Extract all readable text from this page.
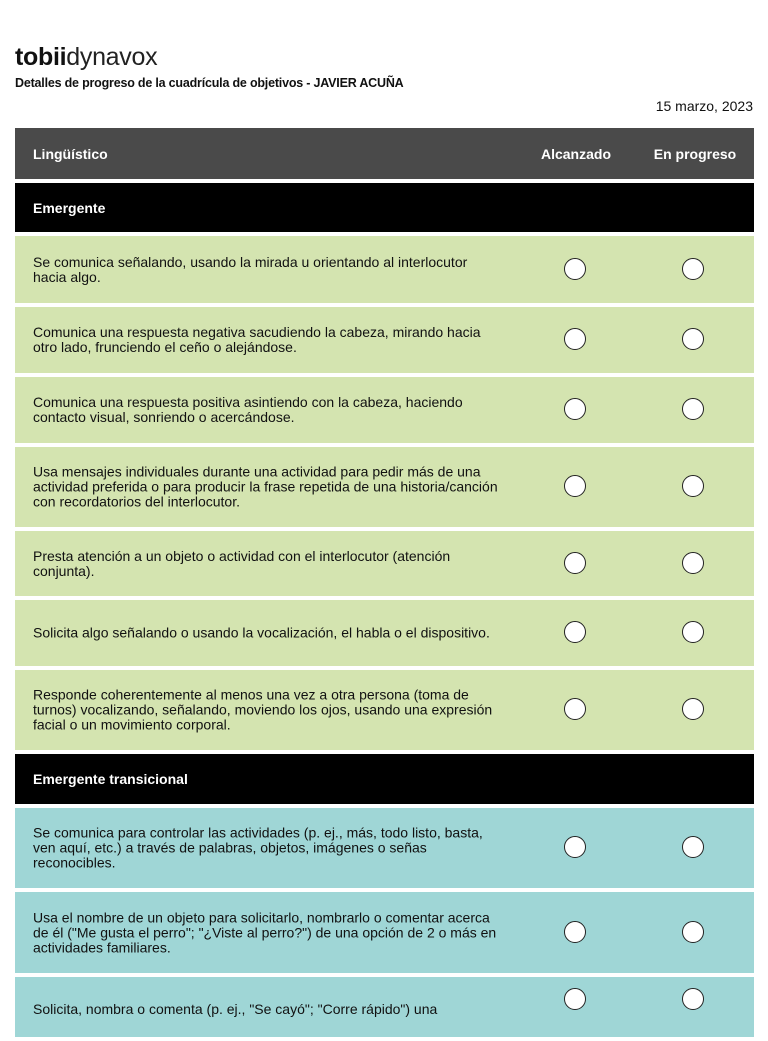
tobiidynavox
Detalles de progreso de la cuadrícula de objetivos - JAVIER ACUÑA
15 marzo, 2023
Lingüístico	Alcanzado	En progreso
Emergente
Se comunica señalando, usando la mirada u orientando al interlocutor hacia algo.
Comunica una respuesta negativa sacudiendo la cabeza, mirando hacia otro lado, frunciendo el ceño o alejándose.
Comunica una respuesta positiva asintiendo con la cabeza, haciendo contacto visual, sonriendo o acercándose.
Usa mensajes individuales durante una actividad para pedir más de una actividad preferida o para producir la frase repetida de una historia/canción con recordatorios del interlocutor.
Presta atención a un objeto o actividad con el interlocutor (atención conjunta).
Solicita algo señalando o usando la vocalización, el habla o el dispositivo.
Responde coherentemente al menos una vez a otra persona (toma de turnos) vocalizando, señalando, moviendo los ojos, usando una expresión facial o un movimiento corporal.
Emergente transicional
Se comunica para controlar las actividades (p. ej., más, todo listo, basta, ven aquí, etc.) a través de palabras, objetos, imágenes o señas reconocibles.
Usa el nombre de un objeto para solicitarlo, nombrarlo o comentar acerca de él ("Me gusta el perro"; "¿Viste al perro?") de una opción de 2 o más en actividades familiares.
Solicita, nombra o comenta (p. ej., "Se cayó"; "Corre rápido") una
